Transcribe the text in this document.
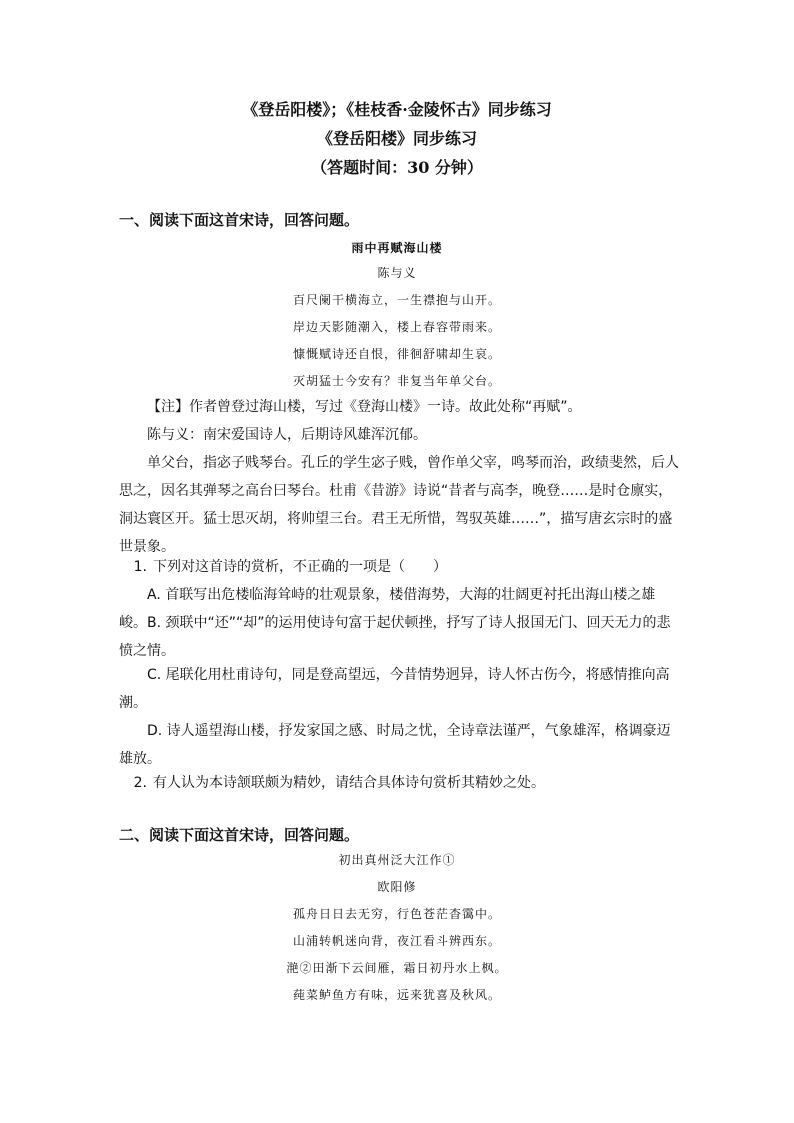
《登岳阳楼》；《桂枝香·金陵怀古》同步练习
《登岳阳楼》同步练习
（答题时间：30 分钟）
一、阅读下面这首宋诗，回答问题。
雨中再赋海山楼
陈与义
百尺阑干横海立，一生襟抱与山开。
岸边天影随潮入，楼上春容带雨来。
慷慨赋诗还自恨，徘徊舒啸却生哀。
灭胡猛士今安有？非复当年单父台。

【注】作者曾登过海山楼，写过《登海山楼》一诗。故此处称“再赋”。

陈与义：南宋爱国诗人，后期诗风雄浑沉郁。

单父台，指宓子贱琴台。孔丘的学生宓子贱，曾作单父宰，鸣琴而治，政绩斐然，后人思之，因名其弹琴之高台曰琴台。杜甫《昔游》诗说“昔者与高李，晚登……是时仓廪实，洞达寰区开。猛士思灭胡，将帅望三台。君王无所惜，驾驭英雄……”，描写唐玄宗时的盛世景象。

1. 下列对这首诗的赏析，不正确的一项是（　　）

A. 首联写出危楼临海耸峙的壮观景象，楼借海势，大海的壮阔更衬托出海山楼之雄峻。 B. 颈联中“还”“却”的运用使诗句富于起伏顿挫，抒写了诗人报国无门、回天无力的悲愤之情。

C. 尾联化用杜甫诗句，同是登高望远，今昔情势迥异，诗人怀古伤今，将感情推向高潮。

D. 诗人遥望海山楼，抒发家国之感、时局之忧，全诗章法谨严，气象雄浑，格调豪迈雄放。

2. 有人认为本诗颔联颇为精妙，请结合具体诗句赏析其精妙之处。

二、阅读下面这首宋诗，回答问题。
初出真州泛大江作①
欧阳修
孤舟日日去无穷，行色苍茫杳霭中。
山浦转帆迷向背，夜江看斗辨西东。
滟②田渐下云间雁，霜日初丹水上枫。
莼菜鲈鱼方有味，远来犹喜及秋风。
